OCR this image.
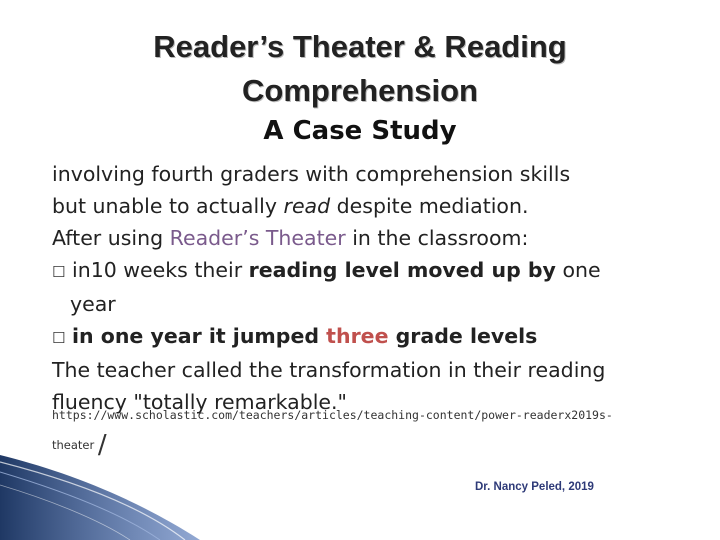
Reader’s Theater & Reading
Comprehension
A Case Study
involving fourth graders with comprehension skills
but unable to actually read despite mediation.
After using Reader’s Theater in the classroom:
☐ in10 weeks their reading level moved up by one
year
☐ in one year it jumped three grade levels
The teacher called the transformation in their reading
fluency "totally remarkable."
https://www.scholastic.com/teachers/articles/teaching-content/power-readerx2019s-
theater /
Dr. Nancy Peled, 2019
